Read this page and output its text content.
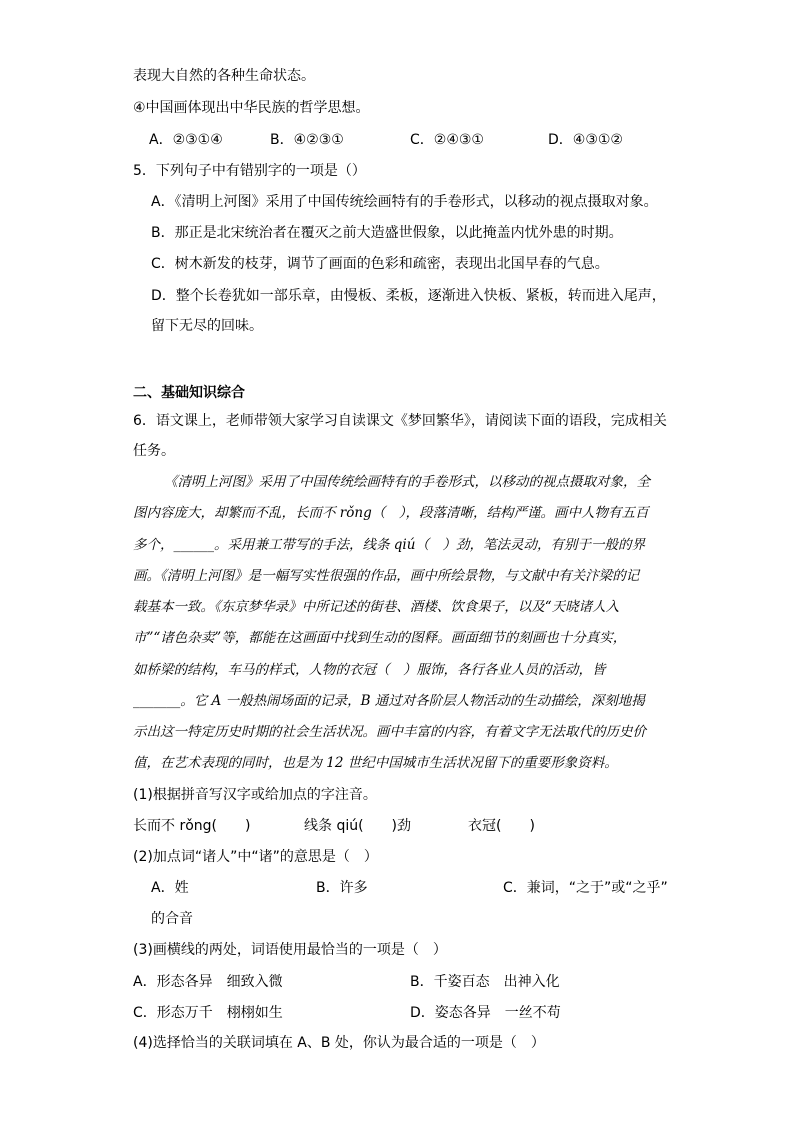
表现大自然的各种生命状态。
④中国画体现出中华民族的哲学思想。
A．②③①④	B．④②③①	C．②④③①	D．④③①②
5．下列句子中有错别字的一项是（）
A．《清明上河图》采用了中国传统绘画特有的手卷形式，以移动的视点摄取对象。
B．那正是北宋统治者在覆灭之前大造盛世假象，以此掩盖内忧外患的时期。
C．树木新发的枝芽，调节了画面的色彩和疏密，表现出北国早春的气息。
D．整个长卷犹如一部乐章，由慢板、柔板，逐渐进入快板、紧板，转而进入尾声，
留下无尽的回味。
二、基础知识综合
6．语文课上，老师带领大家学习自读课文《梦回繁华》，请阅读下面的语段，完成相关
任务。
《清明上河图》采用了中国传统绘画特有的手卷形式，以移动的视点摄取对象，全
图内容庞大，却繁而不乱，长而不 rǒng（　），段落清晰，结构严谨。画中人物有五百
多个，______。采用兼工带写的手法，线条 qiú（　）劲，笔法灵动，有别于一般的界
画。《清明上河图》是一幅写实性很强的作品，画中所绘景物，与文献中有关汴梁的记
载基本一致。《东京梦华录》中所记述的街巷、酒楼、饮食果子，以及“天晓诸人入
市”“诸色杂卖”等，都能在这画面中找到生动的图释。画面细节的刻画也十分真实，
如桥梁的结构，车马的样式，人物的衣冠（　）服饰，各行各业人员的活动，皆
_______。它 A 一般热闹场面的记录，B 通过对各阶层人物活动的生动描绘，深刻地揭
示出这一特定历史时期的社会生活状况。画中丰富的内容，有着文字无法取代的历史价
值，在艺术表现的同时，也是为 12 世纪中国城市生活状况留下的重要形象资料。
(1)根据拼音写汉字或给加点的字注音。
长而不 rǒng(　　)	线条 qiú(　　)劲	衣冠(　　)
(2)加点词“诸人”中“诸”的意思是（　）
A．姓	B．许多	C．兼词，“之于”或“之乎”
的合音
(3)画横线的两处，词语使用最恰当的一项是（　）
A．形态各异　细致入微	B．千姿百态　出神入化
C．形态万千　栩栩如生	D．姿态各异　一丝不苟
(4)选择恰当的关联词填在 A、B 处，你认为最合适的一项是（　）
